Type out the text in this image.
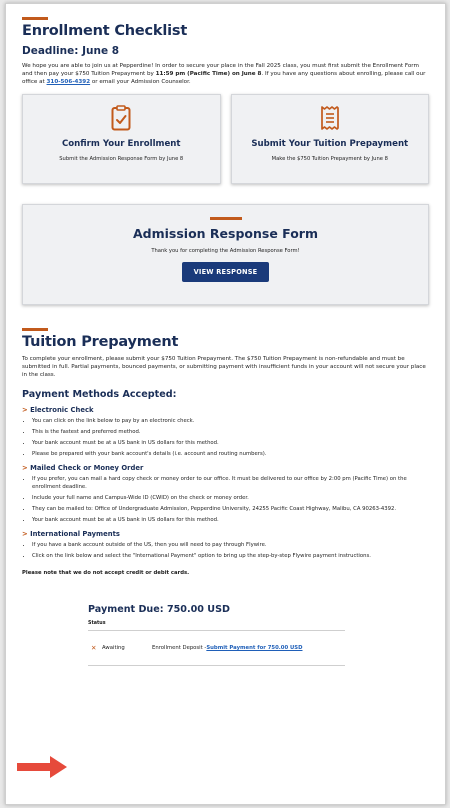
Enrollment Checklist
Deadline: June 8

We hope you are able to join us at Pepperdine! In order to secure your place in the Fall 2025 class, you must first submit the Enrollment Form and then pay your $750 Tuition Prepayment by 11:59 pm (Pacific Time) on June 8. If you have any questions about enrolling, please call our office at 310-506-4392 or email your Admission Counselor.

Confirm Your Enrollment
Submit the Admission Response Form by June 8
Submit Your Tuition Prepayment
Make the $750 Tuition Prepayment by June 8
Admission Response Form
Thank you for completing the Admission Response Form!
VIEW RESPONSE
Tuition Prepayment

To complete your enrollment, please submit your $750 Tuition Prepayment. The $750 Tuition Prepayment is non-refundable and must be submitted in full. Partial payments, bounced payments, or submitting payment with insufficient funds in your account will not secure your place in the class.

Payment Methods Accepted:
> Electronic Check
• You can click on the link below to pay by an electronic check.
• This is the fastest and preferred method.
• Your bank account must be at a US bank in US dollars for this method.
• Please be prepared with your bank account's details (i.e. account and routing numbers).
> Mailed Check or Money Order
• If you prefer, you can mail a hard copy check or money order to our office. It must be delivered to our office by 2:00 pm (Pacific Time) on the enrollment deadline.
• Include your full name and Campus-Wide ID (CWID) on the check or money order.
• They can be mailed to: Office of Undergraduate Admission, Pepperdine University, 24255 Pacific Coast Highway, Malibu, CA 90263-4392.
• Your bank account must be at a US bank in US dollars for this method.
> International Payments
• If you have a bank account outside of the US, then you will need to pay through Flywire.
• Click on the link below and select the "International Payment" option to bring up the step-by-step Flywire payment instructions.
Please note that we do not accept credit or debit cards.
Payment Due: 750.00 USD
Status
✕	Awaiting	Enrollment Deposit - Submit Payment for 750.00 USD
